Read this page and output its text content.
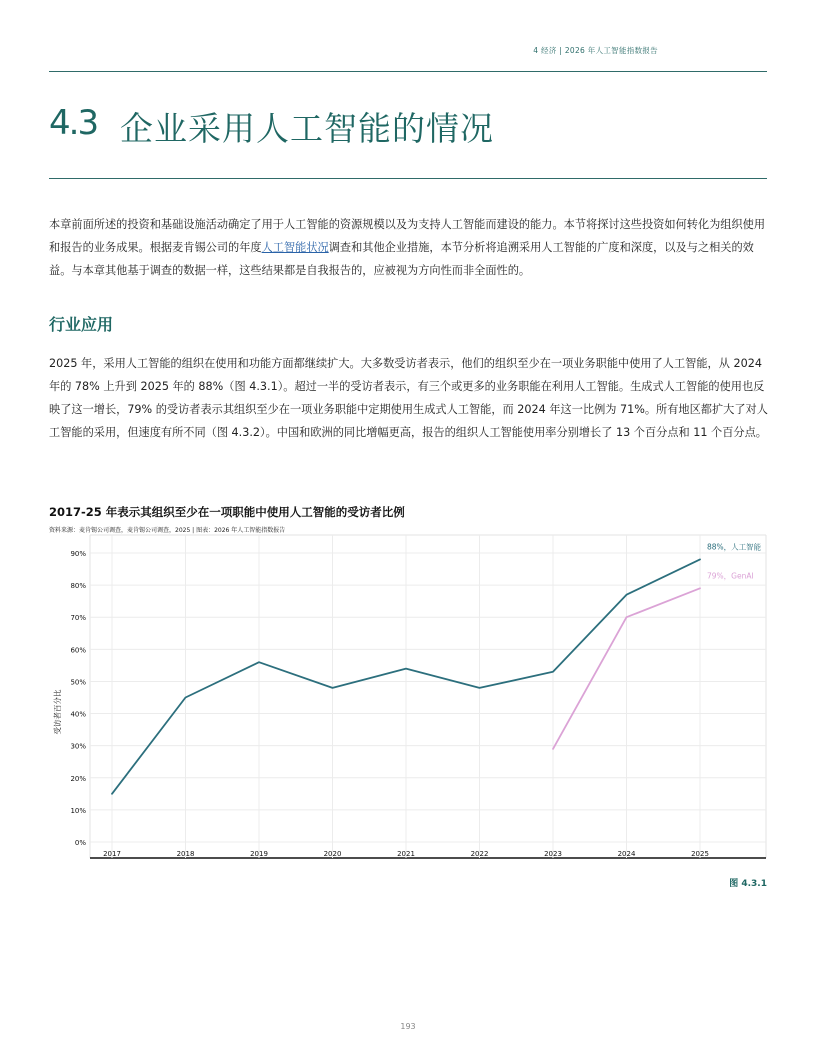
4 经济 | 2026 年人工智能指数报告
4.3 企业采用人工智能的情况
本章前面所述的投资和基础设施活动确定了用于人工智能的资源规模以及为支持人工智能而建设的能力。本节将探讨这些投资如何转化为组织使用和报告的业务成果。根据麦肯锡公司的年度人工智能状况调查和其他企业措施，本节分析将追溯采用人工智能的广度和深度，以及与之相关的效益。与本章其他基于调查的数据一样，这些结果都是自我报告的，应被视为方向性而非全面性的。
行业应用
2025 年，采用人工智能的组织在使用和功能方面都继续扩大。大多数受访者表示，他们的组织至少在一项业务职能中使用了人工智能，从 2024 年的 78% 上升到 2025 年的 88%（图 4.3.1）。超过一半的受访者表示，有三个或更多的业务职能在利用人工智能。生成式人工智能的使用也反映了这一增长，79% 的受访者表示其组织至少在一项业务职能中定期使用生成式人工智能，而 2024 年这一比例为 71%。所有地区都扩大了对人工智能的采用，但速度有所不同（图 4.3.2）。中国和欧洲的同比增幅更高，报告的组织人工智能使用率分别增长了 13 个百分点和 11 个百分点。
2017-25 年表示其组织至少在一项职能中使用人工智能的受访者比例
资料来源：麦肯锡公司调查，麦肯锡公司调查，2025 | 图表：2026 年人工智能指数报告
0%
10%
20%
30%
40%
50%
60%
70%
80%
90%
2017	2018	2019	2020	2021	2022	2023	2024	2025
受访者百分比
88%，人工智能
79%，GenAI
图 4.3.1
193
